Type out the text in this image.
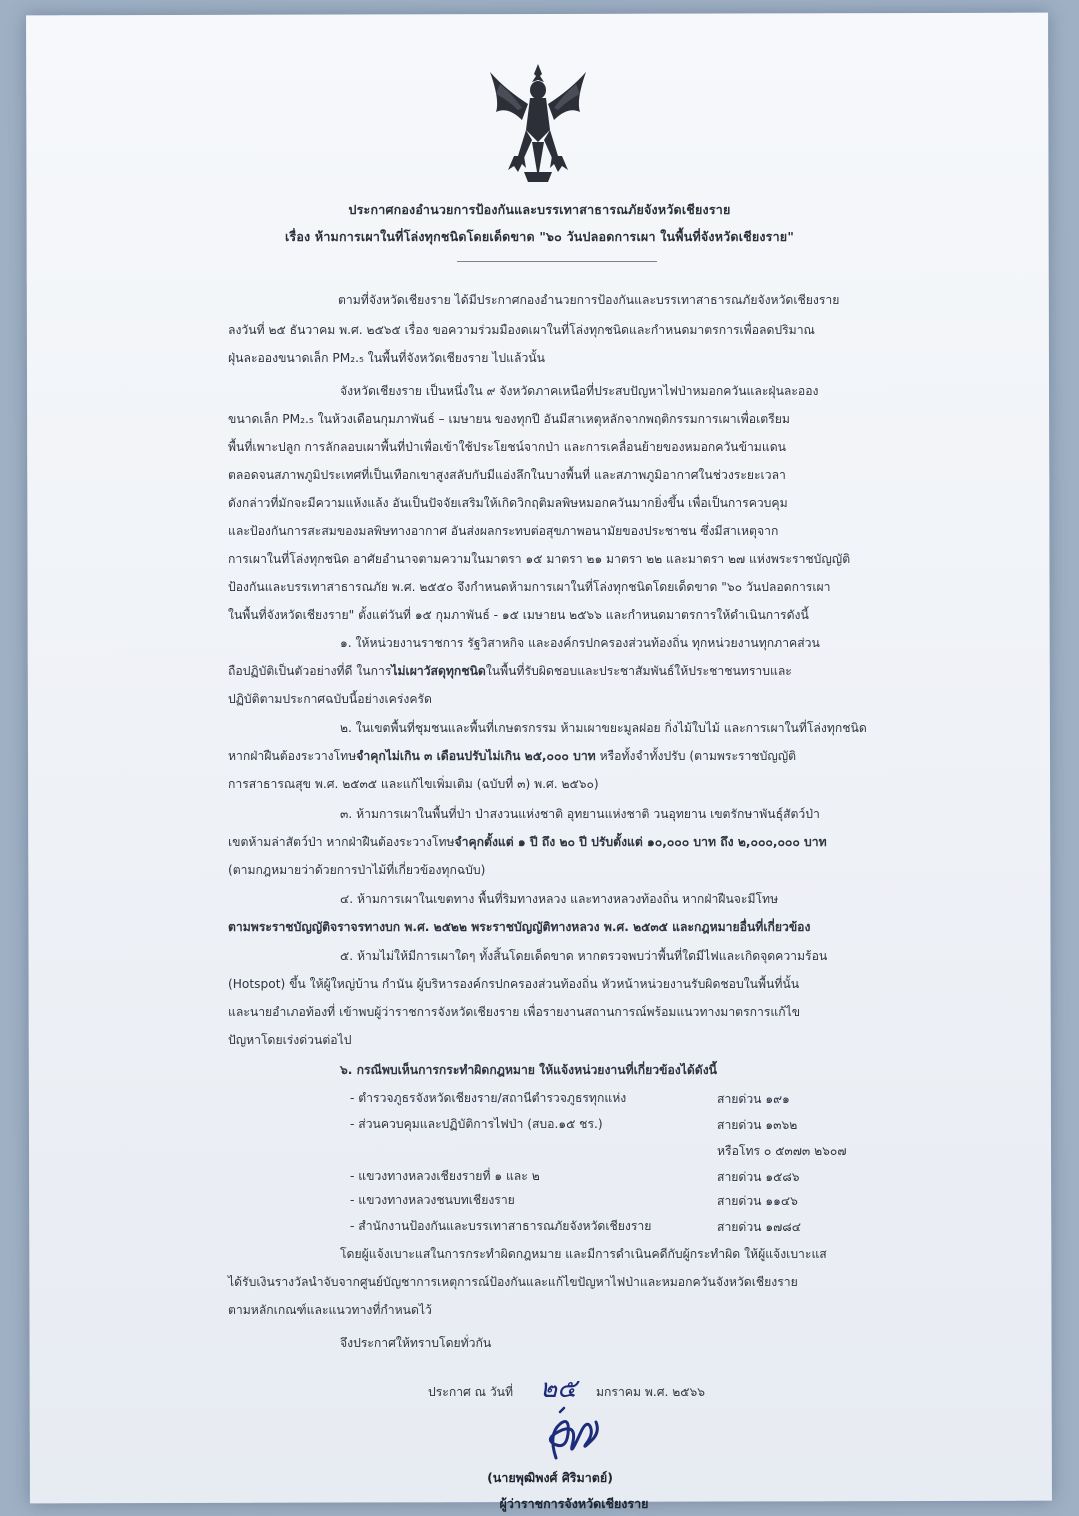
ประกาศกองอำนวยการป้องกันและบรรเทาสาธารณภัยจังหวัดเชียงราย
เรื่อง ห้ามการเผาในที่โล่งทุกชนิดโดยเด็ดขาด "๖๐ วันปลอดการเผา ในพื้นที่จังหวัดเชียงราย"
ตามที่จังหวัดเชียงราย ได้มีประกาศกองอำนวยการป้องกันและบรรเทาสาธารณภัยจังหวัดเชียงราย
ลงวันที่ ๒๕ ธันวาคม พ.ศ. ๒๕๖๕ เรื่อง ขอความร่วมมืองดเผาในที่โล่งทุกชนิดและกำหนดมาตรการเพื่อลดปริมาณ
ฝุ่นละอองขนาดเล็ก PM₂.₅ ในพื้นที่จังหวัดเชียงราย ไปแล้วนั้น
จังหวัดเชียงราย เป็นหนึ่งใน ๙ จังหวัดภาคเหนือที่ประสบปัญหาไฟป่าหมอกควันและฝุ่นละออง
ขนาดเล็ก PM₂.₅ ในห้วงเดือนกุมภาพันธ์ – เมษายน ของทุกปี อันมีสาเหตุหลักจากพฤติกรรมการเผาเพื่อเตรียม
พื้นที่เพาะปลูก การลักลอบเผาพื้นที่ป่าเพื่อเข้าใช้ประโยชน์จากป่า และการเคลื่อนย้ายของหมอกควันข้ามแดน
ตลอดจนสภาพภูมิประเทศที่เป็นเทือกเขาสูงสลับกับมีแอ่งลึกในบางพื้นที่ และสภาพภูมิอากาศในช่วงระยะเวลา
ดังกล่าวที่มักจะมีความแห้งแล้ง อันเป็นปัจจัยเสริมให้เกิดวิกฤติมลพิษหมอกควันมากยิ่งขึ้น เพื่อเป็นการควบคุม
และป้องกันการสะสมของมลพิษทางอากาศ อันส่งผลกระทบต่อสุขภาพอนามัยของประชาชน ซึ่งมีสาเหตุจาก
การเผาในที่โล่งทุกชนิด อาศัยอำนาจตามความในมาตรา ๑๕ มาตรา ๒๑ มาตรา ๒๒ และมาตรา ๒๗ แห่งพระราชบัญญัติ
ป้องกันและบรรเทาสาธารณภัย พ.ศ. ๒๕๕๐ จึงกำหนดห้ามการเผาในที่โล่งทุกชนิดโดยเด็ดขาด "๖๐ วันปลอดการเผา
ในพื้นที่จังหวัดเชียงราย" ตั้งแต่วันที่ ๑๕ กุมภาพันธ์ - ๑๕ เมษายน ๒๕๖๖ และกำหนดมาตรการให้ดำเนินการดังนี้
๑. ให้หน่วยงานราชการ รัฐวิสาหกิจ และองค์กรปกครองส่วนท้องถิ่น ทุกหน่วยงานทุกภาคส่วน
ถือปฏิบัติเป็นตัวอย่างที่ดี ในการไม่เผาวัสดุทุกชนิดในพื้นที่รับผิดชอบและประชาสัมพันธ์ให้ประชาชนทราบและ
ปฏิบัติตามประกาศฉบับนี้อย่างเคร่งครัด
๒. ในเขตพื้นที่ชุมชนและพื้นที่เกษตรกรรม ห้ามเผาขยะมูลฝอย กิ่งไม้ใบไม้ และการเผาในที่โล่งทุกชนิด
หากฝ่าฝืนต้องระวางโทษจำคุกไม่เกิน ๓ เดือนปรับไม่เกิน ๒๕,๐๐๐ บาท หรือทั้งจำทั้งปรับ (ตามพระราชบัญญัติ
การสาธารณสุข พ.ศ. ๒๕๓๕ และแก้ไขเพิ่มเติม (ฉบับที่ ๓) พ.ศ. ๒๕๖๐)
๓. ห้ามการเผาในพื้นที่ป่า ป่าสงวนแห่งชาติ อุทยานแห่งชาติ วนอุทยาน เขตรักษาพันธุ์สัตว์ป่า
เขตห้ามล่าสัตว์ป่า หากฝ่าฝืนต้องระวางโทษจำคุกตั้งแต่ ๑ ปี ถึง ๒๐ ปี ปรับตั้งแต่ ๑๐,๐๐๐ บาท ถึง ๒,๐๐๐,๐๐๐ บาท
(ตามกฎหมายว่าด้วยการป่าไม้ที่เกี่ยวข้องทุกฉบับ)
๔. ห้ามการเผาในเขตทาง พื้นที่ริมทางหลวง และทางหลวงท้องถิ่น หากฝ่าฝืนจะมีโทษ
ตามพระราชบัญญัติจราจรทางบก พ.ศ. ๒๕๒๒ พระราชบัญญัติทางหลวง พ.ศ. ๒๕๓๕ และกฎหมายอื่นที่เกี่ยวข้อง
๕. ห้ามไม่ให้มีการเผาใดๆ ทั้งสิ้นโดยเด็ดขาด หากตรวจพบว่าพื้นที่ใดมีไฟและเกิดจุดความร้อน
(Hotspot) ขึ้น ให้ผู้ใหญ่บ้าน กำนัน ผู้บริหารองค์กรปกครองส่วนท้องถิ่น หัวหน้าหน่วยงานรับผิดชอบในพื้นที่นั้น
และนายอำเภอท้องที่ เข้าพบผู้ว่าราชการจังหวัดเชียงราย เพื่อรายงานสถานการณ์พร้อมแนวทางมาตรการแก้ไข
ปัญหาโดยเร่งด่วนต่อไป
๖. กรณีพบเห็นการกระทำผิดกฎหมาย ให้แจ้งหน่วยงานที่เกี่ยวข้องได้ดังนี้
- ตำรวจภูธรจังหวัดเชียงราย/สถานีตำรวจภูธรทุกแห่ง	สายด่วน ๑๙๑
- ส่วนควบคุมและปฏิบัติการไฟป่า (สบอ.๑๕ ชร.)	สายด่วน ๑๓๖๒
หรือโทร ๐ ๕๓๗๓ ๒๖๐๗
- แขวงทางหลวงเชียงรายที่ ๑ และ ๒	สายด่วน ๑๕๘๖
- แขวงทางหลวงชนบทเชียงราย	สายด่วน ๑๑๔๖
- สำนักงานป้องกันและบรรเทาสาธารณภัยจังหวัดเชียงราย	สายด่วน ๑๗๘๔
โดยผู้แจ้งเบาะแสในการกระทำผิดกฎหมาย และมีการดำเนินคดีกับผู้กระทำผิด ให้ผู้แจ้งเบาะแส
ได้รับเงินรางวัลนำจับจากศูนย์บัญชาการเหตุการณ์ป้องกันและแก้ไขปัญหาไฟป่าและหมอกควันจังหวัดเชียงราย
ตามหลักเกณฑ์และแนวทางที่กำหนดไว้
จึงประกาศให้ทราบโดยทั่วกัน
ประกาศ ณ วันที่ ๒๕ มกราคม พ.ศ. ๒๕๖๖
(นายพุฒิพงศ์ ศิริมาตย์)
ผู้ว่าราชการจังหวัดเชียงราย
